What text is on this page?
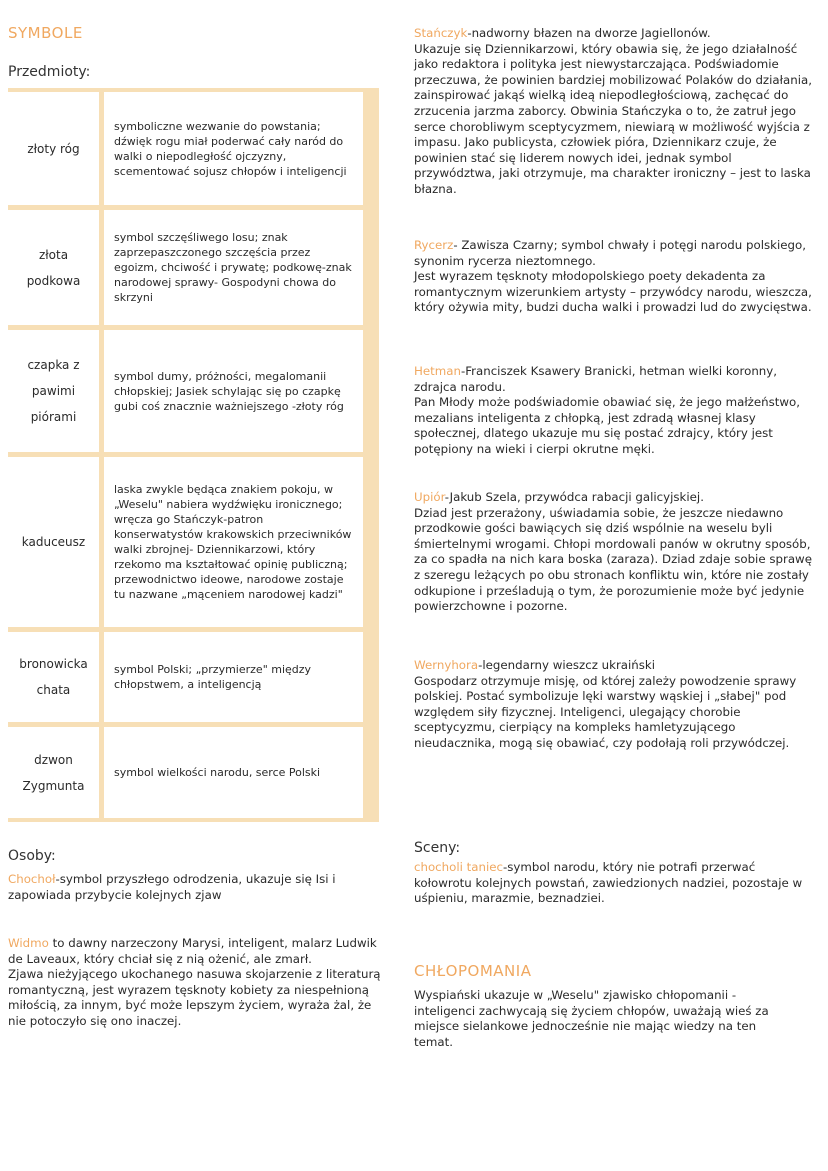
SYMBOLE
Przedmioty:
złoty róg
symboliczne wezwanie do powstania; dźwięk rogu miał poderwać cały naród do walki o niepodległość ojczyzny, scementować sojusz chłopów i inteligencji
złota
podkowa
symbol szczęśliwego losu; znak zaprzepaszczonego szczęścia przez egoizm, chciwość i prywatę; podkowę-znak narodowej sprawy- Gospodyni chowa do skrzyni
czapka z
pawimi
piórami
symbol dumy, próżności, megalomanii chłopskiej; Jasiek schylając się po czapkę gubi coś znacznie ważniejszego -złoty róg
kaduceusz
laska zwykle będąca znakiem pokoju, w „Weselu" nabiera wydźwięku ironicznego; wręcza go Stańczyk-patron konserwatystów krakowskich przeciwników walki zbrojnej- Dziennikarzowi, który rzekomo ma kształtować opinię publiczną; przewodnictwo ideowe, narodowe zostaje tu nazwane „mąceniem narodowej kadzi"
bronowicka
chata
symbol Polski; „przymierze" między chłopstwem, a inteligencją
dzwon
Zygmunta
symbol wielkości narodu, serce Polski
Osoby:
Chochoł-symbol przyszłego odrodzenia, ukazuje się Isi i zapowiada przybycie kolejnych zjaw
Widmo to dawny narzeczony Marysi, inteligent, malarz Ludwik de Laveaux, który chciał się z nią ożenić, ale zmarł.
Zjawa nieżyjącego ukochanego nasuwa skojarzenie z literaturą romantyczną, jest wyrazem tęsknoty kobiety za niespełnioną miłością, za innym, być może lepszym życiem, wyraża żal, że nie potoczyło się ono inaczej.
Stańczyk-nadworny błazen na dworze Jagiellonów.
Ukazuje się Dziennikarzowi, który obawia się, że jego działalność jako redaktora i polityka jest niewystarczająca. Podświadomie przeczuwa, że powinien bardziej mobilizować Polaków do działania, zainspirować jakąś wielką ideą niepodległościową, zachęcać do zrzucenia jarzma zaborcy. Obwinia Stańczyka o to, że zatruł jego serce chorobliwym sceptycyzmem, niewiarą w możliwość wyjścia z impasu. Jako publicysta, człowiek pióra, Dziennikarz czuje, że powinien stać się liderem nowych idei, jednak symbol przywództwa, jaki otrzymuje, ma charakter ironiczny – jest to laska błazna.
Rycerz- Zawisza Czarny; symbol chwały i potęgi narodu polskiego, synonim rycerza nieztomnego.
Jest wyrazem tęsknoty młodopolskiego poety dekadenta za romantycznym wizerunkiem artysty – przywódcy narodu, wieszcza, który ożywia mity, budzi ducha walki i prowadzi lud do zwycięstwa.
Hetman-Franciszek Ksawery Branicki, hetman wielki koronny, zdrajca narodu.
Pan Młody może podświadomie obawiać się, że jego małżeństwo, mezalians inteligenta z chłopką, jest zdradą własnej klasy społecznej, dlatego ukazuje mu się postać zdrajcy, który jest potępiony na wieki i cierpi okrutne męki.
Upiór-Jakub Szela, przywódca rabacji galicyjskiej.
Dziad jest przerażony, uświadamia sobie, że jeszcze niedawno przodkowie gości bawiących się dziś wspólnie na weselu byli śmiertelnymi wrogami. Chłopi mordowali panów w okrutny sposób, za co spadła na nich kara boska (zaraza). Dziad zdaje sobie sprawę z szeregu leżących po obu stronach konfliktu win, które nie zostały odkupione i prześladują o tym, że porozumienie może być jedynie powierzchowne i pozorne.
Wernyhora-legendarny wieszcz ukraiński
Gospodarz otrzymuje misję, od której zależy powodzenie sprawy polskiej. Postać symbolizuje lęki warstwy wąskiej i „słabej" pod względem siły fizycznej. Inteligenci, ulegający chorobie sceptycyzmu, cierpiący na kompleks hamletyzującego nieudacznika, mogą się obawiać, czy podołają roli przywódczej.
Sceny:
chocholi taniec-symbol narodu, który nie potrafi przerwać kołowrotu kolejnych powstań, zawiedzionych nadziei, pozostaje w uśpieniu, marazmie, beznadziei.
CHŁOPOMANIA
Wyspiański ukazuje w „Weselu" zjawisko chłopomanii - inteligenci zachwycają się życiem chłopów, uważają wieś za miejsce sielankowe jednocześnie nie mając wiedzy na ten temat.
